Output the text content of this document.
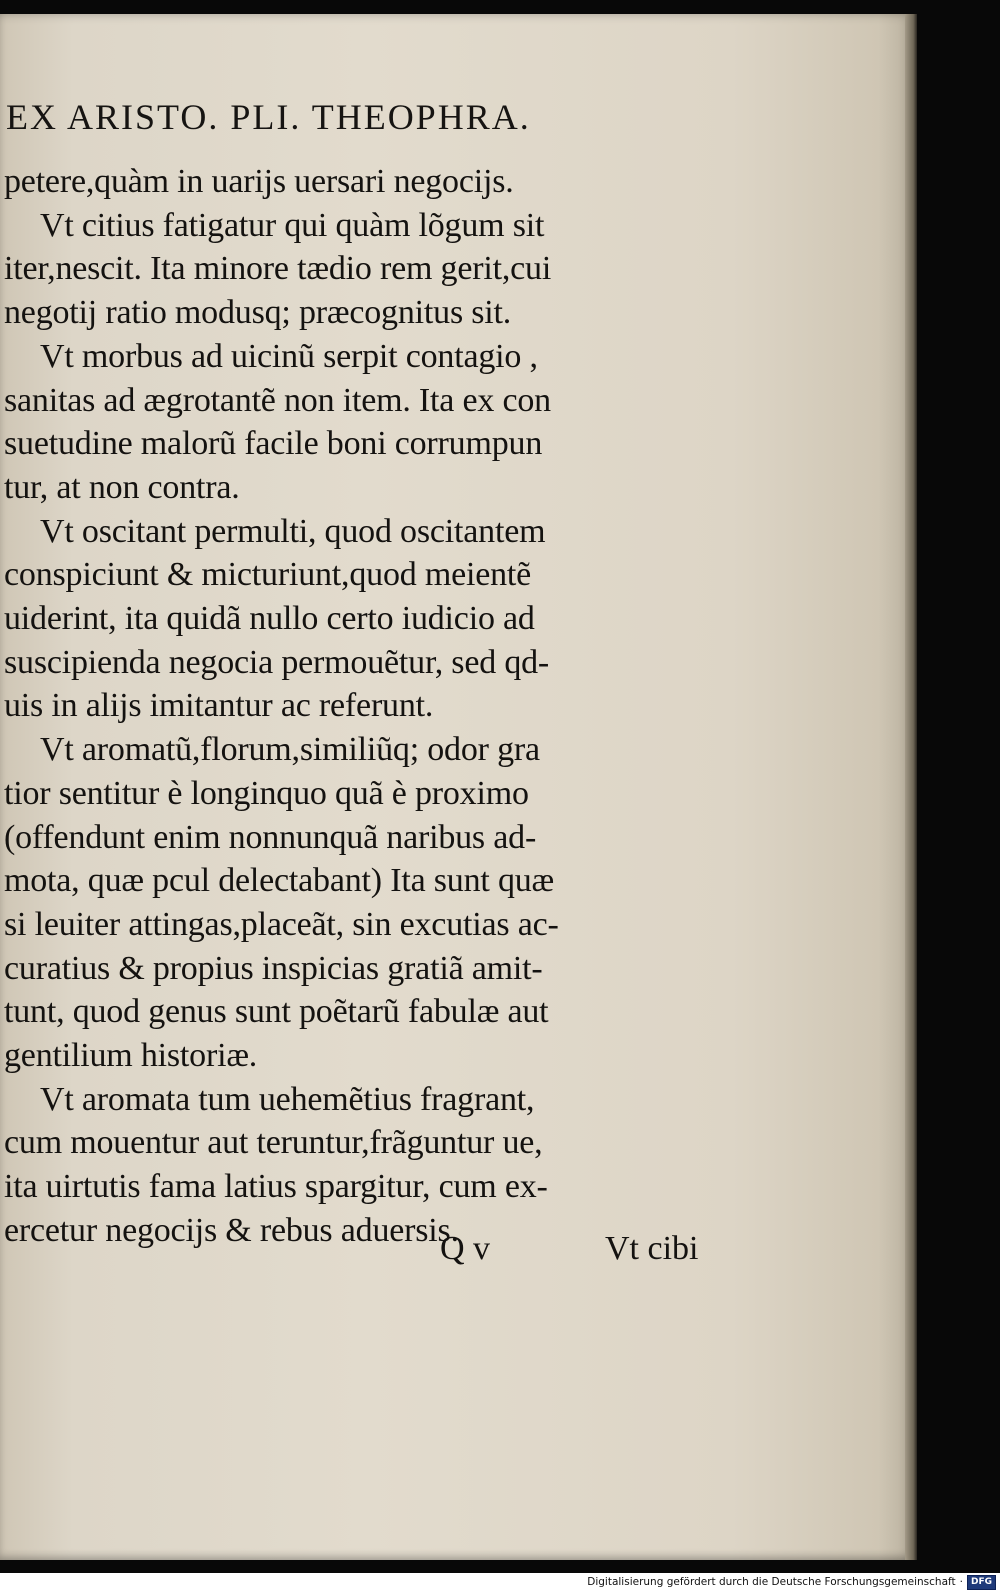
EX ARISTO. PLI. THEOPHRA.
petere,quàm in uarijs uersari negocijs.
Vt citius fatigatur qui quàm lõgum sit
iter,nescit. Ita minore tædio rem gerit,cui
negotij ratio modusq; præcognitus sit.
Vt morbus ad uicinũ serpit contagio ,
sanitas ad ægrotantẽ non item. Ita ex con
suetudine malorũ facile boni corrumpun
tur, at non contra.
Vt oscitant permulti, quod oscitantem
conspiciunt & micturiunt,quod meientẽ
uiderint, ita quidã nullo certo iudicio ad
suscipienda negocia permouẽtur, sed qd-
uis in alijs imitantur ac referunt.
Vt aromatũ,florum,similiũq; odor gra
tior sentitur è longinquo quã è proximo
(offendunt enim nonnunquã naribus ad-
mota, quæ pcul delectabant) Ita sunt quæ
si leuiter attingas,placeãt, sin excutias ac-
curatius & propius inspicias gratiã amit-
tunt, quod genus sunt poẽtarũ fabulæ aut
gentilium historiæ.
Vt aromata tum uehemẽtius fragrant,
cum mouentur aut teruntur,frãguntur ue,
ita uirtutis fama latius spargitur, cum ex-
ercetur negocijs & rebus aduersis.
Q v	Vt cibi
Digitalisierung gefördert durch die Deutsche Forschungsgemeinschaft · DFG
